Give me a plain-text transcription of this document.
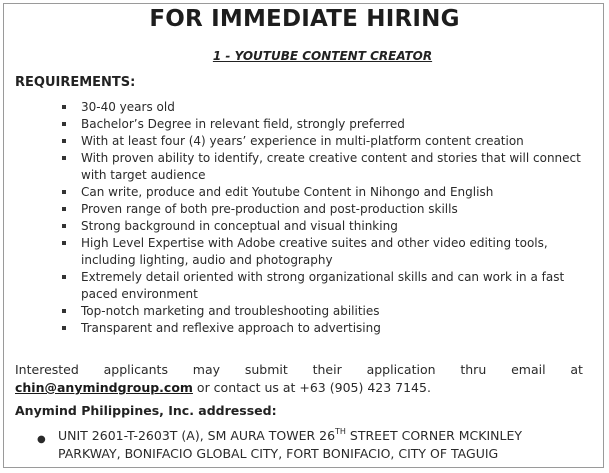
FOR IMMEDIATE HIRING
1 - YOUTUBE CONTENT CREATOR
REQUIREMENTS:
30-40 years old
Bachelor’s Degree in relevant field, strongly preferred
With at least four (4) years’ experience in multi-platform content creation
With proven ability to identify, create creative content and stories that will connect with target audience
Can write, produce and edit Youtube Content in Nihongo and English
Proven range of both pre-production and post-production skills
Strong background in conceptual and visual thinking
High Level Expertise with Adobe creative suites and other video editing tools, including lighting, audio and photography
Extremely detail oriented with strong organizational skills and can work in a fast paced environment
Top-notch marketing and troubleshooting abilities
Transparent and reflexive approach to advertising
Interested applicants may submit their application thru email at
chin@anymindgroup.com or contact us at +63 (905) 423 7145.
Anymind Philippines, Inc. addressed:
● UNIT 2601-T-2603T (A), SM AURA TOWER 26TH STREET CORNER MCKINLEY PARKWAY, BONIFACIO GLOBAL CITY, FORT BONIFACIO, CITY OF TAGUIG
